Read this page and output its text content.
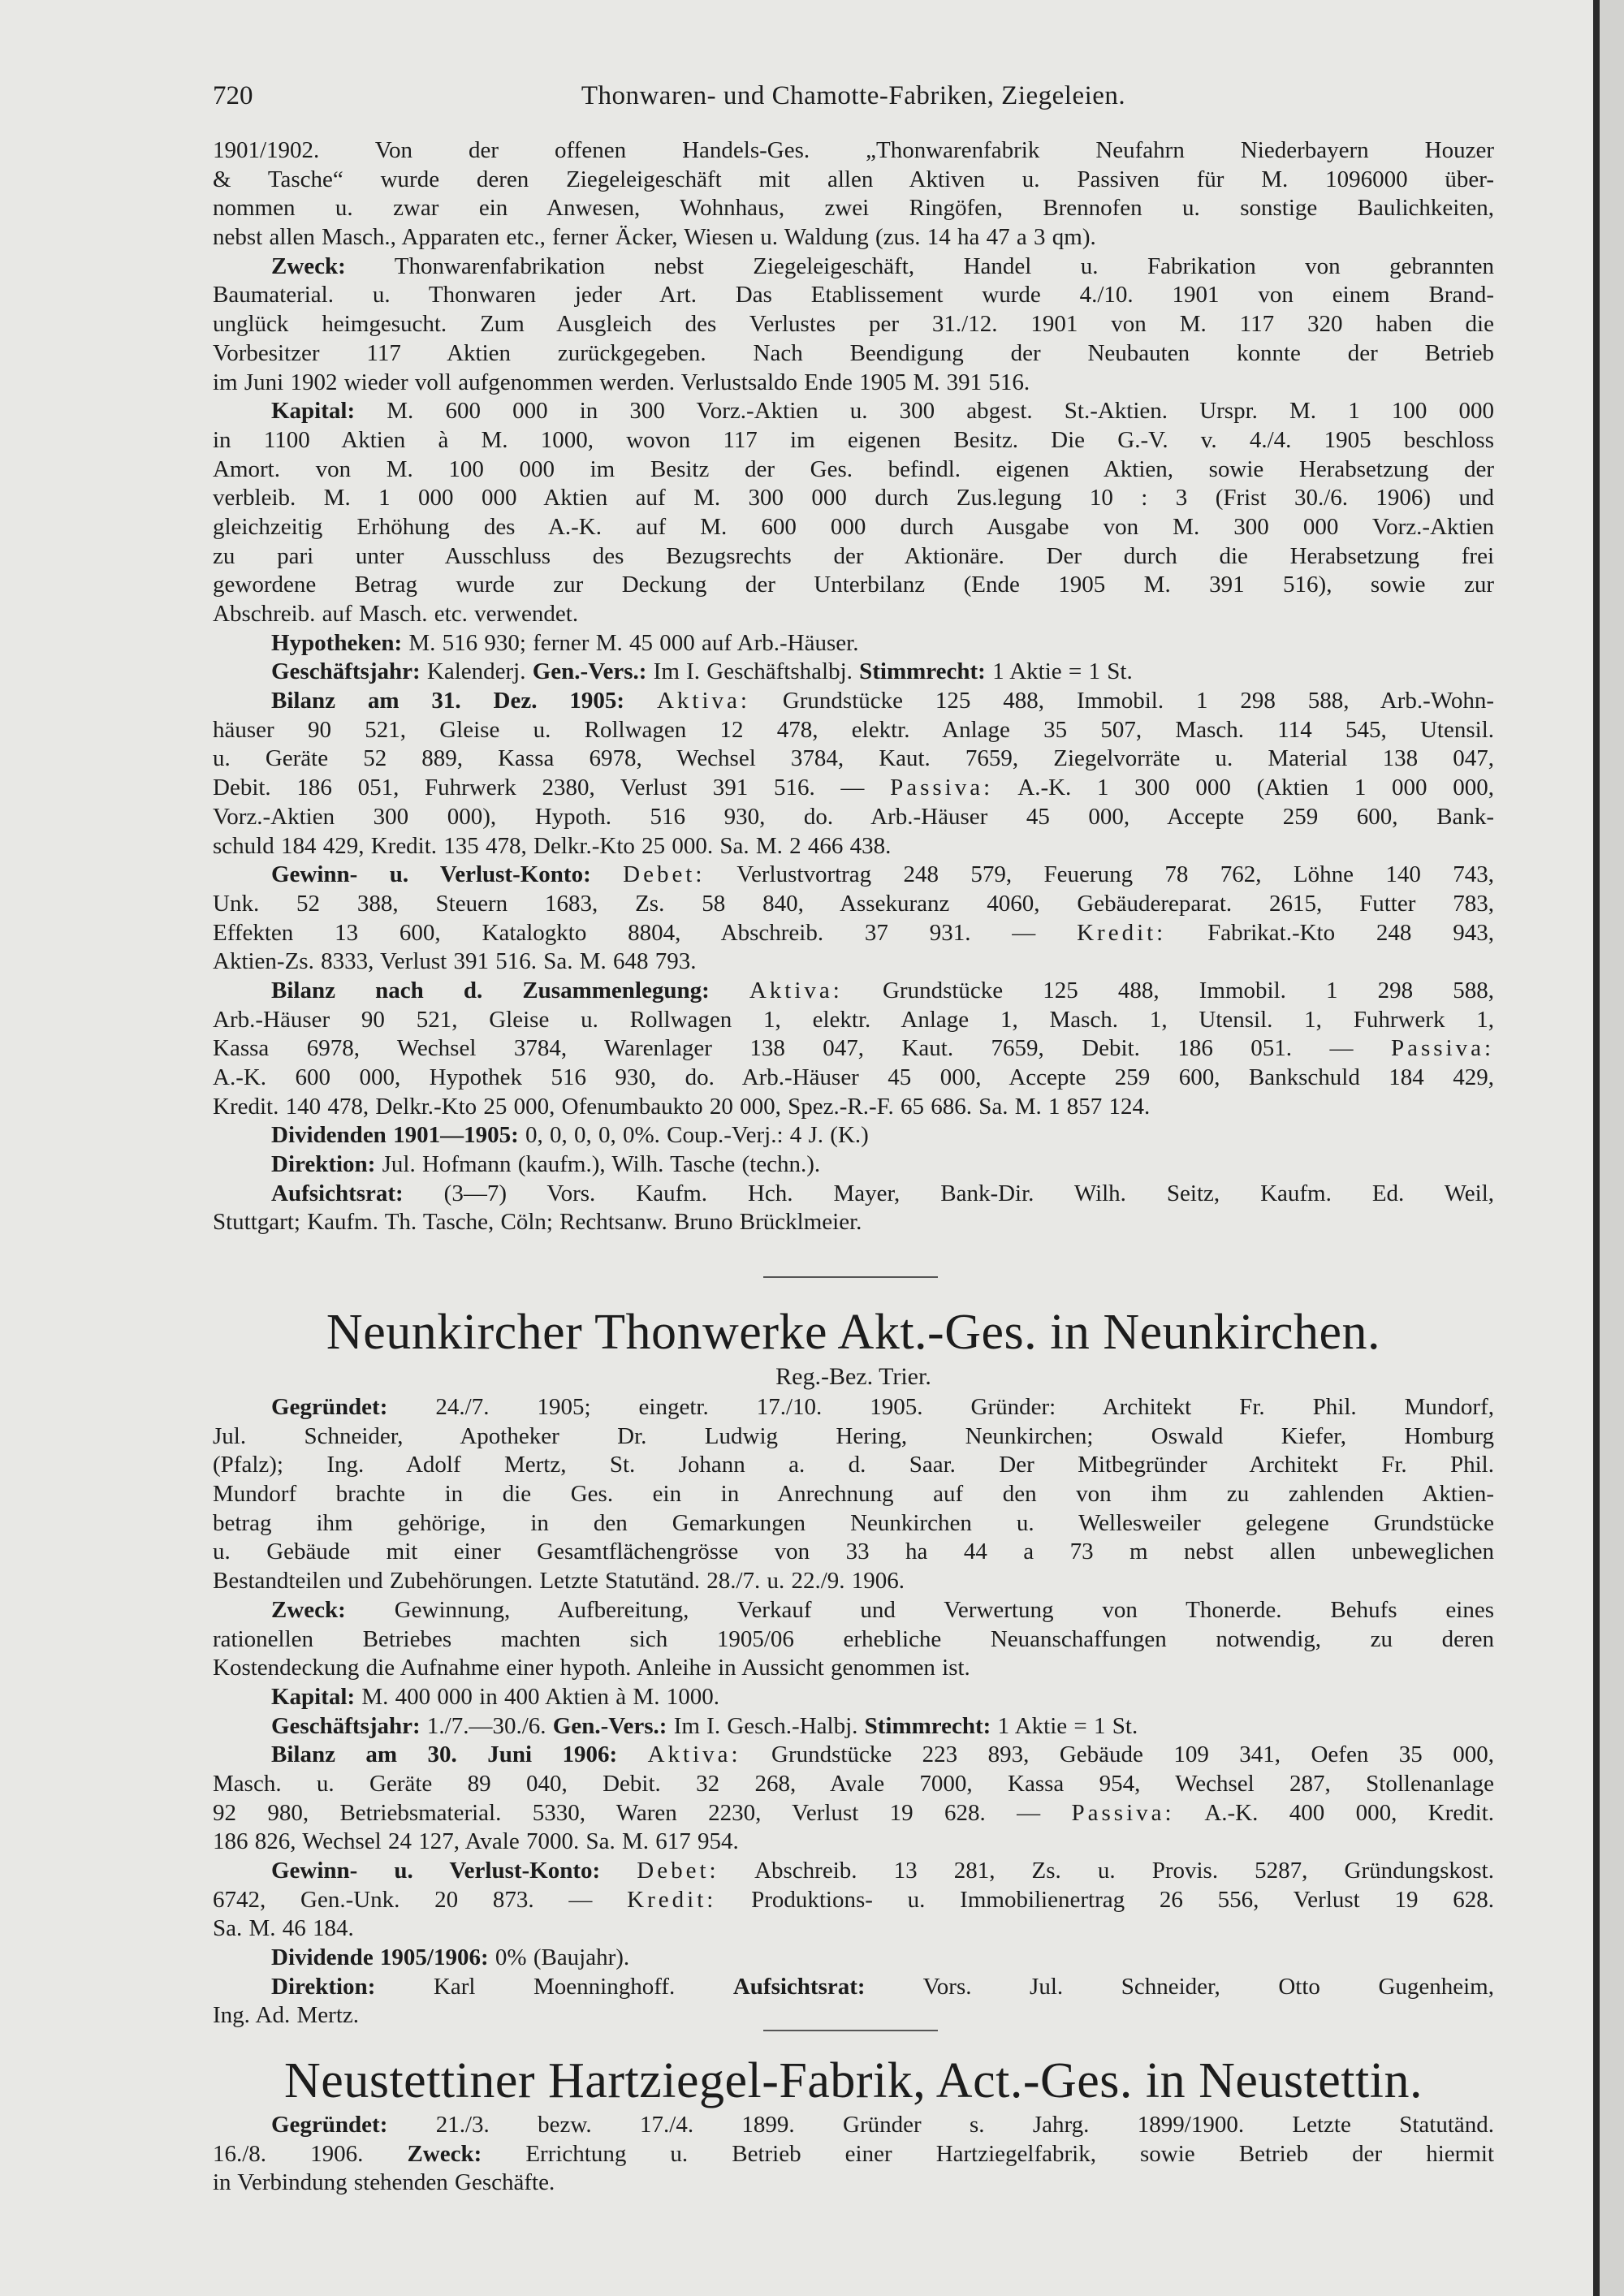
720	Thonwaren- und Chamotte-Fabriken, Ziegeleien.
1901/1902. Von der offenen Handels-Ges. „Thonwarenfabrik Neufahrn Niederbayern Houzer
& Tasche“ wurde deren Ziegeleigeschäft mit allen Aktiven u. Passiven für M. 1096000 über-
nommen u. zwar ein Anwesen, Wohnhaus, zwei Ringöfen, Brennofen u. sonstige Baulichkeiten,
nebst allen Masch., Apparaten etc., ferner Äcker, Wiesen u. Waldung (zus. 14 ha 47 a 3 qm).
Zweck: Thonwarenfabrikation nebst Ziegeleigeschäft, Handel u. Fabrikation von gebrannten
Baumaterial. u. Thonwaren jeder Art. Das Etablissement wurde 4./10. 1901 von einem Brand-
unglück heimgesucht. Zum Ausgleich des Verlustes per 31./12. 1901 von M. 117 320 haben die
Vorbesitzer 117 Aktien zurückgegeben. Nach Beendigung der Neubauten konnte der Betrieb
im Juni 1902 wieder voll aufgenommen werden. Verlustsaldo Ende 1905 M. 391 516.
Kapital: M. 600 000 in 300 Vorz.-Aktien u. 300 abgest. St.-Aktien. Urspr. M. 1 100 000
in 1100 Aktien à M. 1000, wovon 117 im eigenen Besitz. Die G.-V. v. 4./4. 1905 beschloss
Amort. von M. 100 000 im Besitz der Ges. befindl. eigenen Aktien, sowie Herabsetzung der
verbleib. M. 1 000 000 Aktien auf M. 300 000 durch Zus.legung 10 : 3 (Frist 30./6. 1906) und
gleichzeitig Erhöhung des A.-K. auf M. 600 000 durch Ausgabe von M. 300 000 Vorz.-Aktien
zu pari unter Ausschluss des Bezugsrechts der Aktionäre. Der durch die Herabsetzung frei
gewordene Betrag wurde zur Deckung der Unterbilanz (Ende 1905 M. 391 516), sowie zur
Abschreib. auf Masch. etc. verwendet.
Hypotheken: M. 516 930; ferner M. 45 000 auf Arb.-Häuser.
Geschäftsjahr: Kalenderj. Gen.-Vers.: Im I. Geschäftshalbj. Stimmrecht: 1 Aktie = 1 St.
Bilanz am 31. Dez. 1905: Aktiva: Grundstücke 125 488, Immobil. 1 298 588, Arb.-Wohn-
häuser 90 521, Gleise u. Rollwagen 12 478, elektr. Anlage 35 507, Masch. 114 545, Utensil.
u. Geräte 52 889, Kassa 6978, Wechsel 3784, Kaut. 7659, Ziegelvorräte u. Material 138 047,
Debit. 186 051, Fuhrwerk 2380, Verlust 391 516. — Passiva: A.-K. 1 300 000 (Aktien 1 000 000,
Vorz.-Aktien 300 000), Hypoth. 516 930, do. Arb.-Häuser 45 000, Accepte 259 600, Bank-
schuld 184 429, Kredit. 135 478, Delkr.-Kto 25 000. Sa. M. 2 466 438.
Gewinn- u. Verlust-Konto: Debet: Verlustvortrag 248 579, Feuerung 78 762, Löhne 140 743,
Unk. 52 388, Steuern 1683, Zs. 58 840, Assekuranz 4060, Gebäudereparat. 2615, Futter 783,
Effekten 13 600, Katalogkto 8804, Abschreib. 37 931. — Kredit: Fabrikat.-Kto 248 943,
Aktien-Zs. 8333, Verlust 391 516. Sa. M. 648 793.
Bilanz nach d. Zusammenlegung: Aktiva: Grundstücke 125 488, Immobil. 1 298 588,
Arb.-Häuser 90 521, Gleise u. Rollwagen 1, elektr. Anlage 1, Masch. 1, Utensil. 1, Fuhrwerk 1,
Kassa 6978, Wechsel 3784, Warenlager 138 047, Kaut. 7659, Debit. 186 051. — Passiva:
A.-K. 600 000, Hypothek 516 930, do. Arb.-Häuser 45 000, Accepte 259 600, Bankschuld 184 429,
Kredit. 140 478, Delkr.-Kto 25 000, Ofenumbaukto 20 000, Spez.-R.-F. 65 686. Sa. M. 1 857 124.
Dividenden 1901—1905: 0, 0, 0, 0, 0%. Coup.-Verj.: 4 J. (K.)
Direktion: Jul. Hofmann (kaufm.), Wilh. Tasche (techn.).
Aufsichtsrat: (3—7) Vors. Kaufm. Hch. Mayer, Bank-Dir. Wilh. Seitz, Kaufm. Ed. Weil,
Stuttgart; Kaufm. Th. Tasche, Cöln; Rechtsanw. Bruno Brücklmeier.
Neunkircher Thonwerke Akt.-Ges. in Neunkirchen.
Reg.-Bez. Trier.
Gegründet: 24./7. 1905; eingetr. 17./10. 1905. Gründer: Architekt Fr. Phil. Mundorf,
Jul. Schneider, Apotheker Dr. Ludwig Hering, Neunkirchen; Oswald Kiefer, Homburg
(Pfalz); Ing. Adolf Mertz, St. Johann a. d. Saar. Der Mitbegründer Architekt Fr. Phil.
Mundorf brachte in die Ges. ein in Anrechnung auf den von ihm zu zahlenden Aktien-
betrag ihm gehörige, in den Gemarkungen Neunkirchen u. Wellesweiler gelegene Grundstücke
u. Gebäude mit einer Gesamtflächengrösse von 33 ha 44 a 73 m nebst allen unbeweglichen
Bestandteilen und Zubehörungen. Letzte Statutänd. 28./7. u. 22./9. 1906.
Zweck: Gewinnung, Aufbereitung, Verkauf und Verwertung von Thonerde. Behufs eines
rationellen Betriebes machten sich 1905/06 erhebliche Neuanschaffungen notwendig, zu deren
Kostendeckung die Aufnahme einer hypoth. Anleihe in Aussicht genommen ist.
Kapital: M. 400 000 in 400 Aktien à M. 1000.
Geschäftsjahr: 1./7.—30./6. Gen.-Vers.: Im I. Gesch.-Halbj. Stimmrecht: 1 Aktie = 1 St.
Bilanz am 30. Juni 1906: Aktiva: Grundstücke 223 893, Gebäude 109 341, Oefen 35 000,
Masch. u. Geräte 89 040, Debit. 32 268, Avale 7000, Kassa 954, Wechsel 287, Stollenanlage
92 980, Betriebsmaterial. 5330, Waren 2230, Verlust 19 628. — Passiva: A.-K. 400 000, Kredit.
186 826, Wechsel 24 127, Avale 7000. Sa. M. 617 954.
Gewinn- u. Verlust-Konto: Debet: Abschreib. 13 281, Zs. u. Provis. 5287, Gründungskost.
6742, Gen.-Unk. 20 873. — Kredit: Produktions- u. Immobilienertrag 26 556, Verlust 19 628.
Sa. M. 46 184.
Dividende 1905/1906: 0% (Baujahr).
Direktion: Karl Moenninghoff. Aufsichtsrat: Vors. Jul. Schneider, Otto Gugenheim,
Ing. Ad. Mertz.
Neustettiner Hartziegel-Fabrik, Act.-Ges. in Neustettin.
Gegründet: 21./3. bezw. 17./4. 1899. Gründer s. Jahrg. 1899/1900. Letzte Statutänd.
16./8. 1906. Zweck: Errichtung u. Betrieb einer Hartziegelfabrik, sowie Betrieb der hiermit
in Verbindung stehenden Geschäfte.
